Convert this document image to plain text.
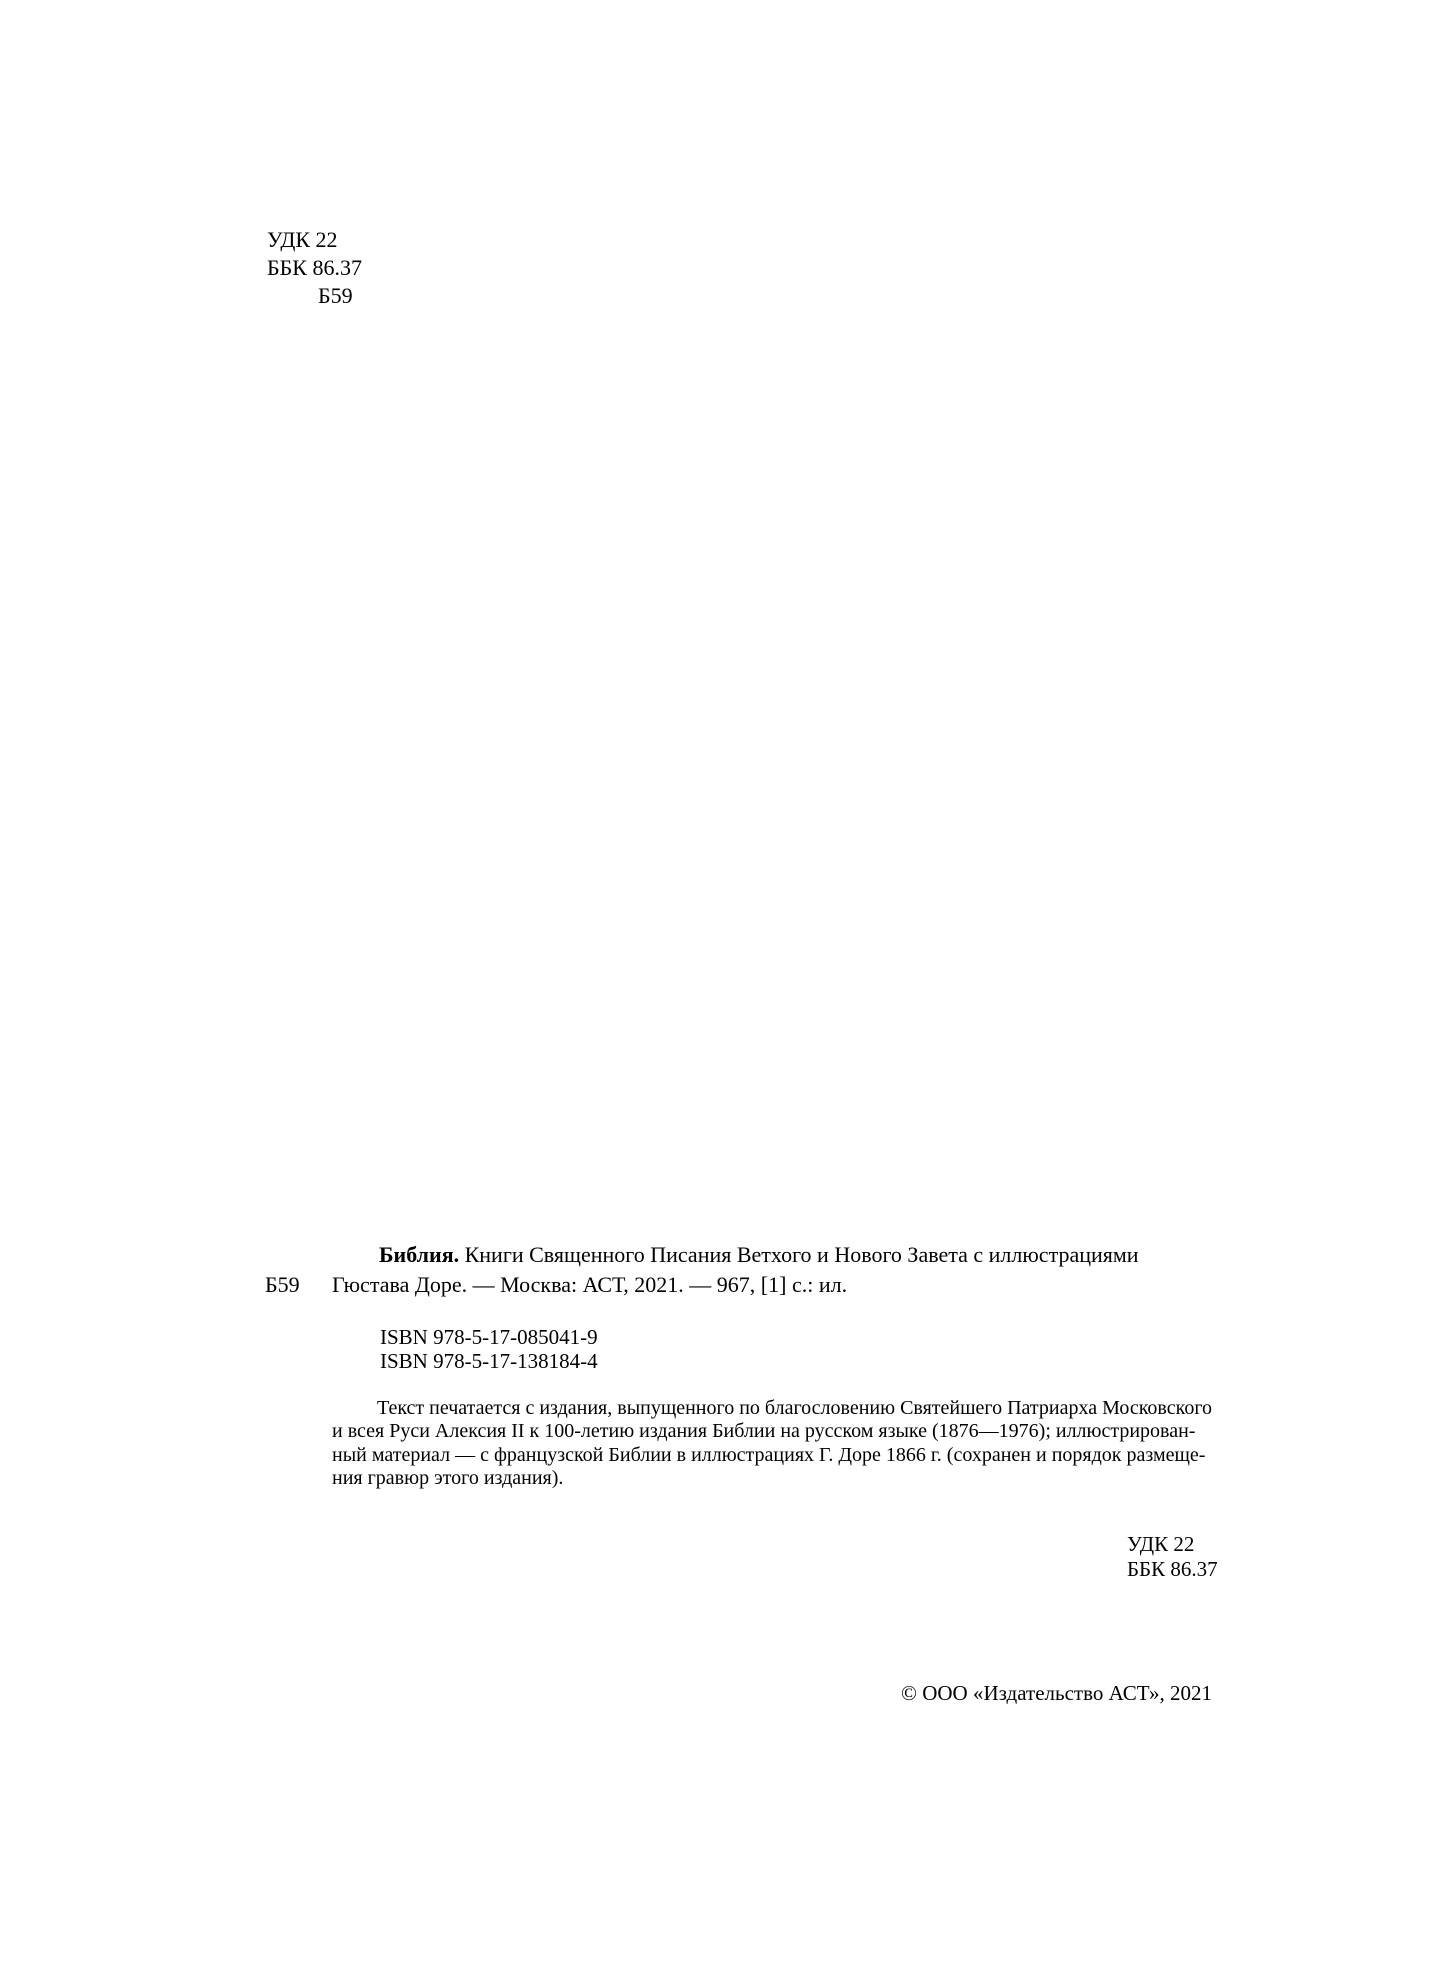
УДК 22
ББК 86.37
Б59
Библия. Книги Священного Писания Ветхого и Нового Завета с иллюстрациями
Б59 Гюстава Доре. — Москва: АСТ, 2021. — 967, [1] с.: ил.
ISBN 978-5-17-085041-9
ISBN 978-5-17-138184-4
Текст печатается с издания, выпущенного по благословению Святейшего Патриарха Московского
и всея Руси Алексия II к 100-летию издания Библии на русском языке (1876—1976); иллюстрирован-
ный материал — с французской Библии в иллюстрациях Г. Доре 1866 г. (сохранен и порядок размеще-
ния гравюр этого издания).
УДК 22
ББК 86.37
© ООО «Издательство АСТ», 2021
